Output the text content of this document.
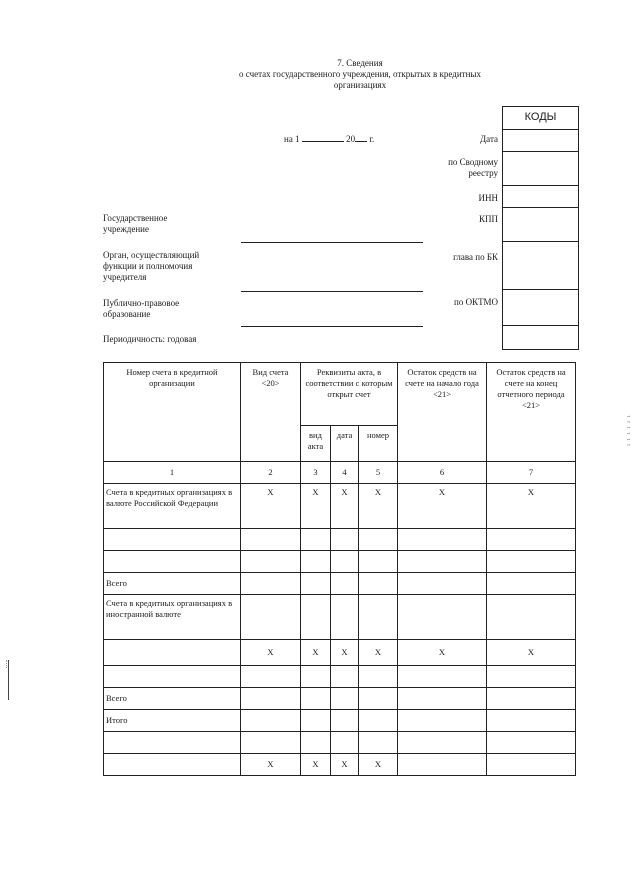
7. Сведения
о счетах государственного учреждения, открытых в кредитных
организациях
на 1	20 г.	Дата
по Сводному
реестру
ИНН
КПП
глава по БК
по ОКТМО
КОДЫ
Государственное
учреждение
Орган, осуществляющий
функции и полномочия
учредителя
Публично-правовое
образование
Периодичность: годовая
Номер счета в кредитной организации	Вид счета <20>	Реквизиты акта, в соответствии с которым открыт счет			Остаток средств на счете на начало года <21>	Остаток средств на счете на конец отчетного периода <21>
		вид акта	дата	номер		
1	2	3	4	5	6	7
Счета в кредитных организациях в валюте Российской Федерации	X	X	X	X	X	X

Всего						
Счета в кредитных организациях в иностранной валюте						
	X	X	X	X	X	X

Всего						
Итого						

	X	X	X	X		
1 1 1 1 1 1
